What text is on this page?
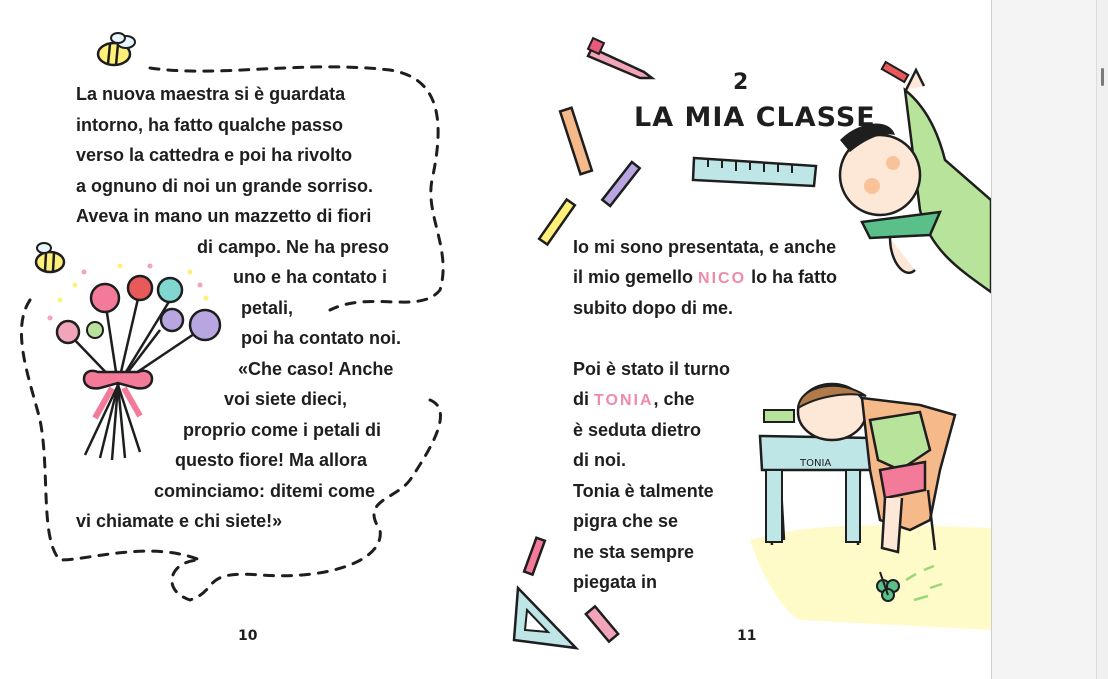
TONIA
La nuova maestra si è guardata
intorno, ha fatto qualche passo
verso la cattedra e poi ha rivolto
a ognuno di noi un grande sorriso.
Aveva in mano un mazzetto di fiori
di campo. Ne ha preso
uno e ha contato i
petali,
poi ha contato noi.
«Che caso! Anche
voi siete dieci,
proprio come i petali di
questo fiore! Ma allora
cominciamo: ditemi come
vi chiamate e chi siete!»
10
2
LA MIA CLASSE
Io mi sono presentata, e anche
il mio gemello NICO lo ha fatto
subito dopo di me.
Poi è stato il turno
di TONIA, che
è seduta dietro
di noi.
Tonia è talmente
pigra che se
ne sta sempre
piegata in
11
